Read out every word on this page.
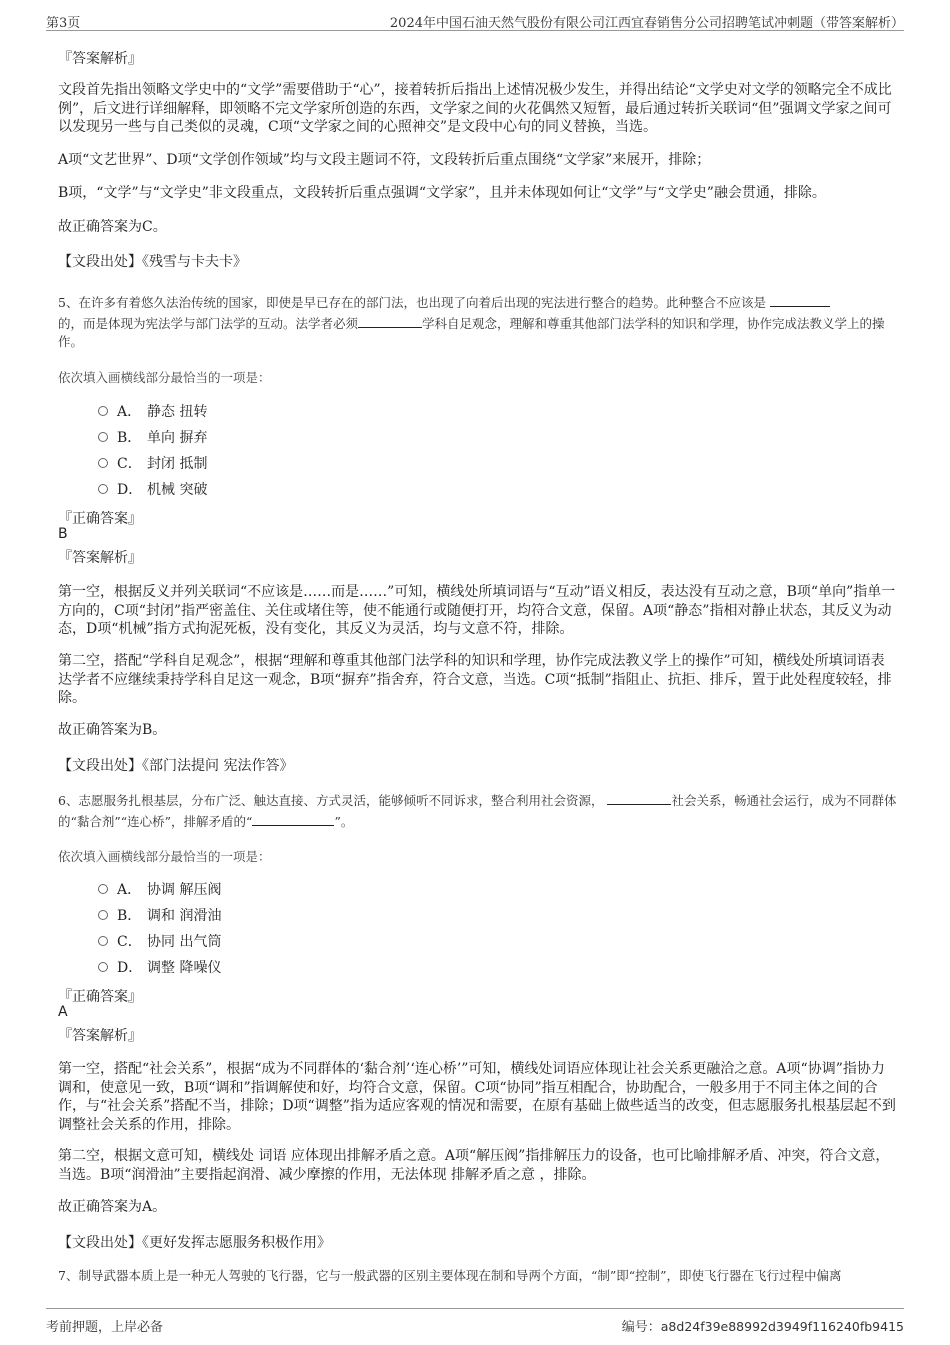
第3页	2024年中国石油天然气股份有限公司江西宜春销售分公司招聘笔试冲刺题（带答案解析）
『答案解析』

文段首先指出领略文学史中的“文学”需要借助于“心”，接着转折后指出上述情况极少发生，并得出结论“文学史对文学的领略完全不成比例”，后文进行详细解释，即领略不完文学家所创造的东西，文学家之间的火花偶然又短暂，最后通过转折关联词“但”强调文学家之间可以发现另一些与自己类似的灵魂，C项“文学家之间的心照神交”是文段中心句的同义替换，当选。

A项“文艺世界”、D项“文学创作领域”均与文段主题词不符，文段转折后重点围绕“文学家”来展开，排除；

B项，“文学”与“文学史”非文段重点，文段转折后重点强调“文学家”，且并未体现如何让“文学”与“文学史”融会贯通，排除。

故正确答案为C。
【文段出处】《残雪与卡夫卡》

5、在许多有着悠久法治传统的国家，即使是早已存在的部门法，也出现了向着后出现的宪法进行整合的趋势。此种整合不应该是
的，而是体现为宪法学与部门法学的互动。法学者必须	学科自足观念，理解和尊重其他部门法学科的知识和学理，协作完成法教义学上的操作。

依次填入画横线部分最恰当的一项是：
A． 静态 扭转
B． 单向 摒弃
C． 封闭 抵制
D． 机械 突破
『正确答案』
B
『答案解析』

第一空，根据反义并列关联词“不应该是……而是……”可知，横线处所填词语与“互动”语义相反，表达没有互动之意，B项“单向”指单一方向的，C项“封闭”指严密盖住、关住或堵住等，使不能通行或随便打开，均符合文意，保留。A项“静态”指相对静止状态，其反义为动态，D项“机械”指方式拘泥死板，没有变化，其反义为灵活，均与文意不符，排除。

第二空，搭配“学科自足观念”，根据“理解和尊重其他部门法学科的知识和学理，协作完成法教义学上的操作”可知，横线处所填词语表达学者不应继续秉持学科自足这一观念，B项“摒弃”指舍弃，符合文意，当选。C项“抵制”指阻止、抗拒、排斥，置于此处程度较轻，排除。

故正确答案为B。
【文段出处】《部门法提问 宪法作答》

6、志愿服务扎根基层，分布广泛、触达直接、方式灵活，能够倾听不同诉求，整合利用社会资源，	社会关系，畅通社会运行，成为不同群体的“黏合剂”“连心桥”，排解矛盾的“	”。

依次填入画横线部分最恰当的一项是：
A． 协调 解压阀
B． 调和 润滑油
C． 协同 出气筒
D． 调整 降噪仪
『正确答案』
A
『答案解析』

第一空，搭配“社会关系”，根据“成为不同群体的‘黏合剂’‘连心桥’”可知，横线处词语应体现让社会关系更融洽之意。A项“协调”指协力调和，使意见一致，B项“调和”指调解使和好，均符合文意，保留。C项“协同”指互相配合，协助配合，一般多用于不同主体之间的合作，与“社会关系”搭配不当，排除；D项“调整”指为适应客观的情况和需要，在原有基础上做些适当的改变，但志愿服务扎根基层起不到调整社会关系的作用，排除。

第二空，根据文意可知，横线处 词语 应体现出排解矛盾之意。A项“解压阀”指排解压力的设备，也可比喻排解矛盾、冲突，符合文意，当选。B项“润滑油”主要指起润滑、减少摩擦的作用，无法体现 排解矛盾之意 ，排除。

故正确答案为A。
【文段出处】《更好发挥志愿服务积极作用》

7、制导武器本质上是一种无人驾驶的飞行器，它与一般武器的区别主要体现在制和导两个方面，“制”即“控制”，即使飞行器在飞行过程中偏离

考前押题，上岸必备	编号：a8d24f39e88992d3949f116240fb9415
